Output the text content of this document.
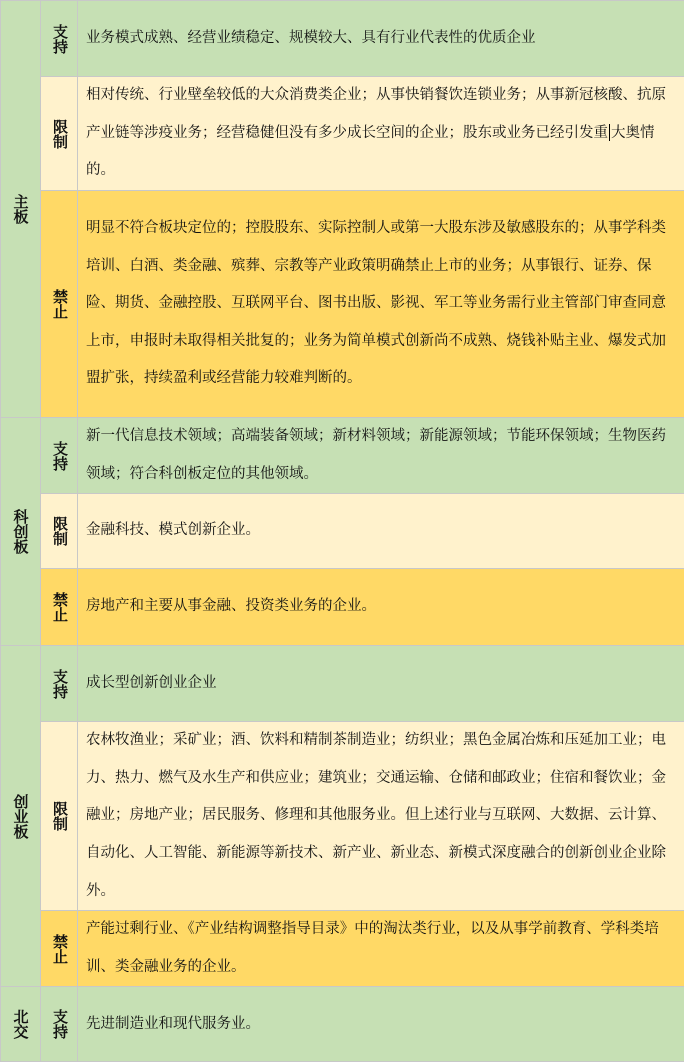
主板	支持	业务模式成熟、经营业绩稳定、规模较大、具有行业代表性的优质企业

	限制	相对传统、行业壁垒较低的大众消费类企业；从事快销餐饮连锁业务；从事新冠核酸、抗原产业链等涉疫业务；经营稳健但没有多少成长空间的企业；股东或业务已经引发重 大奥情的。

	禁止	明显不符合板块定位的；控股股东、实际控制人或第一大股东涉及敏感股东的；从事学科类培训、白酒、类金融、殡葬、宗教等产业政策明确禁止上市的业务；从事银行、证券、保险、期货、金融控股、互联网平台、图书出版、影视、军工等业务需行业主管部门审查同意上市，申报时未取得相关批复的；业务为简单模式创新尚不成熟、烧钱补贴主业、爆发式加盟扩张，持续盈利或经营能力较难判断的。

科创板	支持	新一代信息技术领域；高端装备领域；新材料领域；新能源领域；节能环保领域；生物医药领域；符合科创板定位的其他领域。

	限制	金融科技、模式创新企业。

	禁止	房地产和主要从事金融、投资类业务的企业。

创业板	支持	成长型创新创业企业

	限制	农林牧渔业；采矿业；酒、饮料和精制茶制造业；纺织业；黑色金属冶炼和压延加工业；电力、热力、燃气及水生产和供应业；建筑业；交通运输、仓储和邮政业；住宿和餐饮业；金融业；房地产业；居民服务、修理和其他服务业。但上述行业与互联网、大数据、云计算、自动化、人工智能、新能源等新技术、新产业、新业态、新模式深度融合的创新创业企业除外。

	禁止	产能过剩行业、《产业结构调整指导目录》中的淘汰类行业，以及从事学前教育、学科类培训、类金融业务的企业。

北交	支持	先进制造业和现代服务业。
